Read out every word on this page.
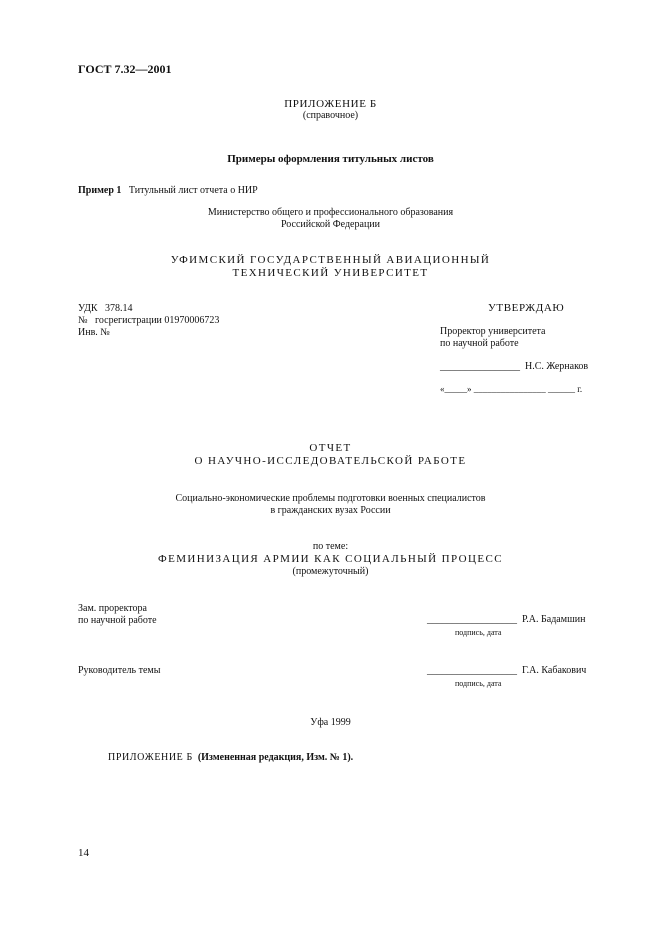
ГОСТ 7.32—2001
ПРИЛОЖЕНИЕ Б
(справочное)
Примеры оформления титульных листов
Пример 1 Титульный лист отчета о НИР
Министерство общего и профессионального образования
Российской Федерации
УФИМСКИЙ ГОСУДАРСТВЕННЫЙ АВИАЦИОННЫЙ
ТЕХНИЧЕСКИЙ УНИВЕРСИТЕТ
УДК   378.14
№   госрегистрации 01970006723
Инв. №
УТВЕРЖДАЮ
Проректор университета
по научной работе
________________  Н.С. Жернаков
«_____» ________________ ______ г.
ОТЧЕТ
О НАУЧНО-ИССЛЕДОВАТЕЛЬСКОЙ РАБОТЕ
Социально-экономические проблемы подготовки военных специалистов
в гражданских вузах России
по теме:
ФЕМИНИЗАЦИЯ АРМИИ КАК СОЦИАЛЬНЫЙ ПРОЦЕСС
(промежуточный)
Зам. проректора
по научной работе	__________________  Р.А. Бадамшин
подпись, дата
Руководитель темы	__________________  Г.А. Кабакович
подпись, дата
Уфа 1999
ПРИЛОЖЕНИЕ Б (Измененная редакция, Изм. № 1).
14
